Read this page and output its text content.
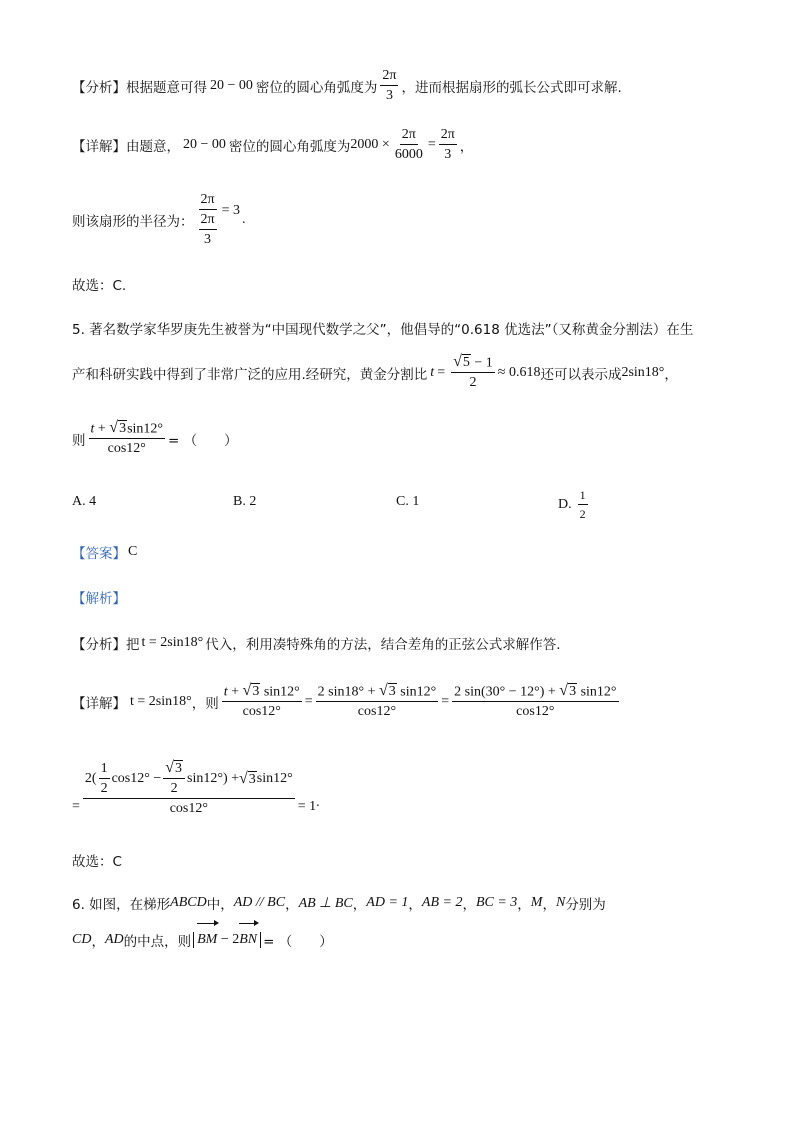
【分析】 根据题意可得 20 − 00 密位的圆心角弧度为 $\frac{2\pi}{3}$ ，进而根据扇形的弧长公式即可求解.
【详解】 由题意， 20 − 00 密位的圆心角弧度为 $2000 \times \frac{2\pi}{6000} = \frac{2\pi}{3}$ ，
则该扇形的半径为： $\frac{2\pi}{\frac{2\pi}{3}} = 3$
.
故选：C.
5. 著名数学家华罗庚先生被誉为“中国现代数学之父”，他倡导的“0.618 优选法”（又称黄金分割法）在生
产和科研实践中得到了非常广泛的应用.经研究，黄金分割比 $t = \frac{√ 5 - 1}{2} \approx 0.618$ 还可以表示成 2sin18° ，
则 $\frac{t + √ 3 \sin 12^\circ}{\cos 12^\circ}$ = （　　）
A. 4	B. 2	C. 1	D. $\frac{1}{2}$
【答案】 C
【解析】
【分析】 把 t = 2sin18° 代入，利用凑特殊角的方法，结合差角的正弦公式求解作答.
【详解】 t = 2sin18° ，则 $\frac{t + √ 3 \sin 12^\circ}{\cos 12^\circ} = \frac{2 \sin 18^\circ + √ 3 \sin 12^\circ}{\cos 12^\circ} = \frac{2 \sin(30^\circ - 12^\circ) + √ 3 \sin 12^\circ}{\cos 12^\circ}$
=
$2( \frac{1}{2} \cos 12^\circ - \frac{√ 3}{2} \sin 12^\circ)$ + √ 3 sin12°
cos12°	= 1 .
故选：C
6. 如图，在梯形 ABCD 中， AD // BC ， AB ⊥ BC ， AD = 1 ， AB = 2 ， BC = 3 ， M ， N 分别为
CD ， AD 的中点，则 BM − 2
BN = （　　）
